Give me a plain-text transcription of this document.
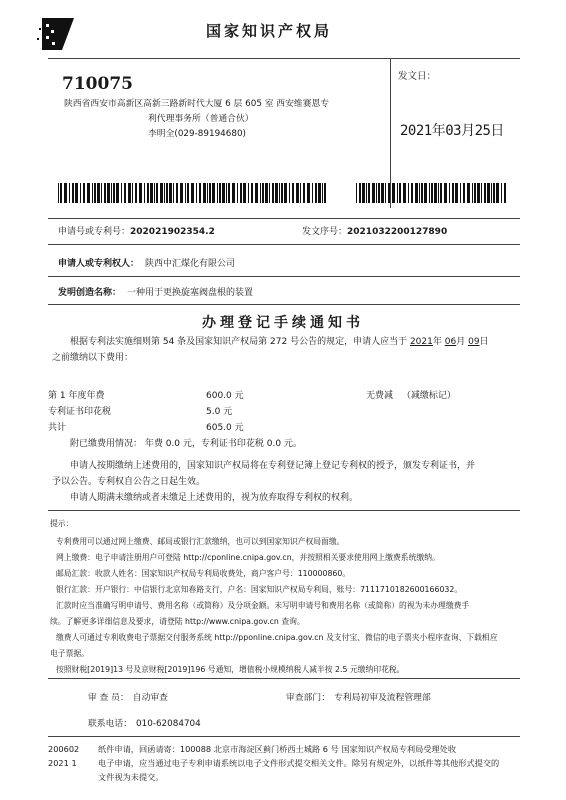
国家知识产权局
710075
陕西省西安市高新区高新三路新时代大厦 6 层 605 室 西安维赛恩专
利代理事务所（普通合伙）
李明全(029-89194680)
发文日：
2021年03月25日
申请号或专利号：202021902354.2	发文序号：2021032200127890
申请人或专利权人： 陕西中汇煤化有限公司
发明创造名称： 一种用于更换旋塞阀盘根的装置
办理登记手续通知书
根据专利法实施细则第 54 条及国家知识产权局第 272 号公告的规定，申请人应当于 2021年 06月 09日
之前缴纳以下费用：
第 1 年度年费	600.0 元
专利证书印花税	5.0 元
共计	605.0 元
无费减 （减缴标记）
附已缴费用情况： 年费 0.0 元，专利证书印花税 0.0 元。
申请人按期缴纳上述费用的，国家知识产权局将在专利登记簿上登记专利权的授予，颁发专利证书，并
予以公告。专利权自公告之日起生效。
申请人期满未缴纳或者未缴足上述费用的，视为放弃取得专利权的权利。
提示：
专利费用可以通过网上缴费、邮局或银行汇款缴纳，也可以到国家知识产权局面缴。
网上缴费：电子申请注册用户可登陆 http://cponline.cnipa.gov.cn，并按照相关要求使用网上缴费系统缴纳。
邮局汇款：收款人姓名：国家知识产权局专利局收费处，商户客户号：110000860。
银行汇款：开户银行：中信银行北京知春路支行，户名：国家知识产权局专利局，账号：7111710182600166032。
汇款时应当准确写明申请号、费用名称（或简称）及分项金额。未写明申请号和费用名称（或简称）的视为未办理缴费手
续。了解更多详细信息及要求，请登陆 http://www.cnipa.gov.cn 查询。
缴费人可通过专利收费电子票据交付服务系统 http://pponline.cnipa.gov.cn 及支付宝、微信的电子票夹小程序查询、下载相应
电子票据。
按照财税[2019]13 号及京财税[2019]196 号通知，增值税小规模纳税人减半按 2.5 元缴纳印花税。
审 查 员： 自动审查	审查部门： 专利局初审及流程管理部
联系电话： 010-62084704
200602 纸件申请，回函请寄：100088 北京市海淀区蓟门桥西土城路 6 号 国家知识产权局专利局受理处收
2021 1	电子申请，应当通过电子专利申请系统以电子文件形式提交相关文件。除另有规定外，以纸件等其他形式提交的
文件视为未提交。
